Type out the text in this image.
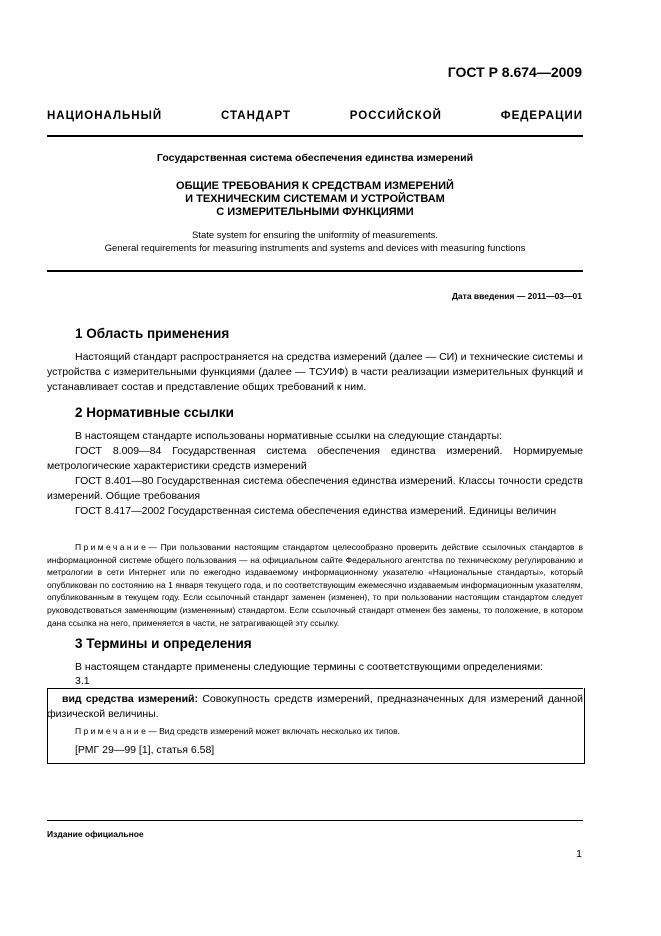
ГОСТ Р 8.674—2009
НАЦИОНАЛЬНЫЙ СТАНДАРТ РОССИЙСКОЙ ФЕДЕРАЦИИ
Государственная система обеспечения единства измерений
ОБЩИЕ ТРЕБОВАНИЯ К СРЕДСТВАМ ИЗМЕРЕНИЙ
И ТЕХНИЧЕСКИМ СИСТЕМАМ И УСТРОЙСТВАМ
С ИЗМЕРИТЕЛЬНЫМИ ФУНКЦИЯМИ
State system for ensuring the uniformity of measurements.
General requirements for measuring instruments and systems and devices with measuring functions
Дата введения — 2011—03—01
1 Область применения
Настоящий стандарт распространяется на средства измерений (далее — СИ) и технические системы и устройства с измерительными функциями (далее — ТСУИФ) в части реализации измерительных функций и устанавливает состав и представление общих требований к ним.
2 Нормативные ссылки
В настоящем стандарте использованы нормативные ссылки на следующие стандарты:
ГОСТ 8.009—84 Государственная система обеспечения единства измерений. Нормируемые метрологические характеристики средств измерений
ГОСТ 8.401—80 Государственная система обеспечения единства измерений. Классы точности средств измерений. Общие требования
ГОСТ 8.417—2002 Государственная система обеспечения единства измерений. Единицы величин
Примечание— При пользовании настоящим стандартом целесообразно проверить действие ссылочных стандартов в информационной системе общего пользования — на официальном сайте Федерального агентства по техническому регулированию и метрологии в сети Интернет или по ежегодно издаваемому информационному указателю «Национальные стандарты», который опубликован по состоянию на 1 января текущего года, и по соответствующим ежемесячно издаваемым информационным указателям, опубликованным в текущем году. Если ссылочный стандарт заменен (изменен), то при пользовании настоящим стандартом следует руководствоваться заменяющим (измененным) стандартом. Если ссылочный стандарт отменен без замены, то положение, в котором дана ссылка на него, применяется в части, не затрагивающей эту ссылку.
3 Термины и определения
В настоящем стандарте применены следующие термины с соответствующими определениями:
3.1
вид средства измерений: Совокупность средств измерений, предназначенных для измерений данной физической величины.
Примечание— Вид средств измерений может включать несколько их типов.
[РМГ 29—99 [1], статья 6.58]
Издание официальное
1
